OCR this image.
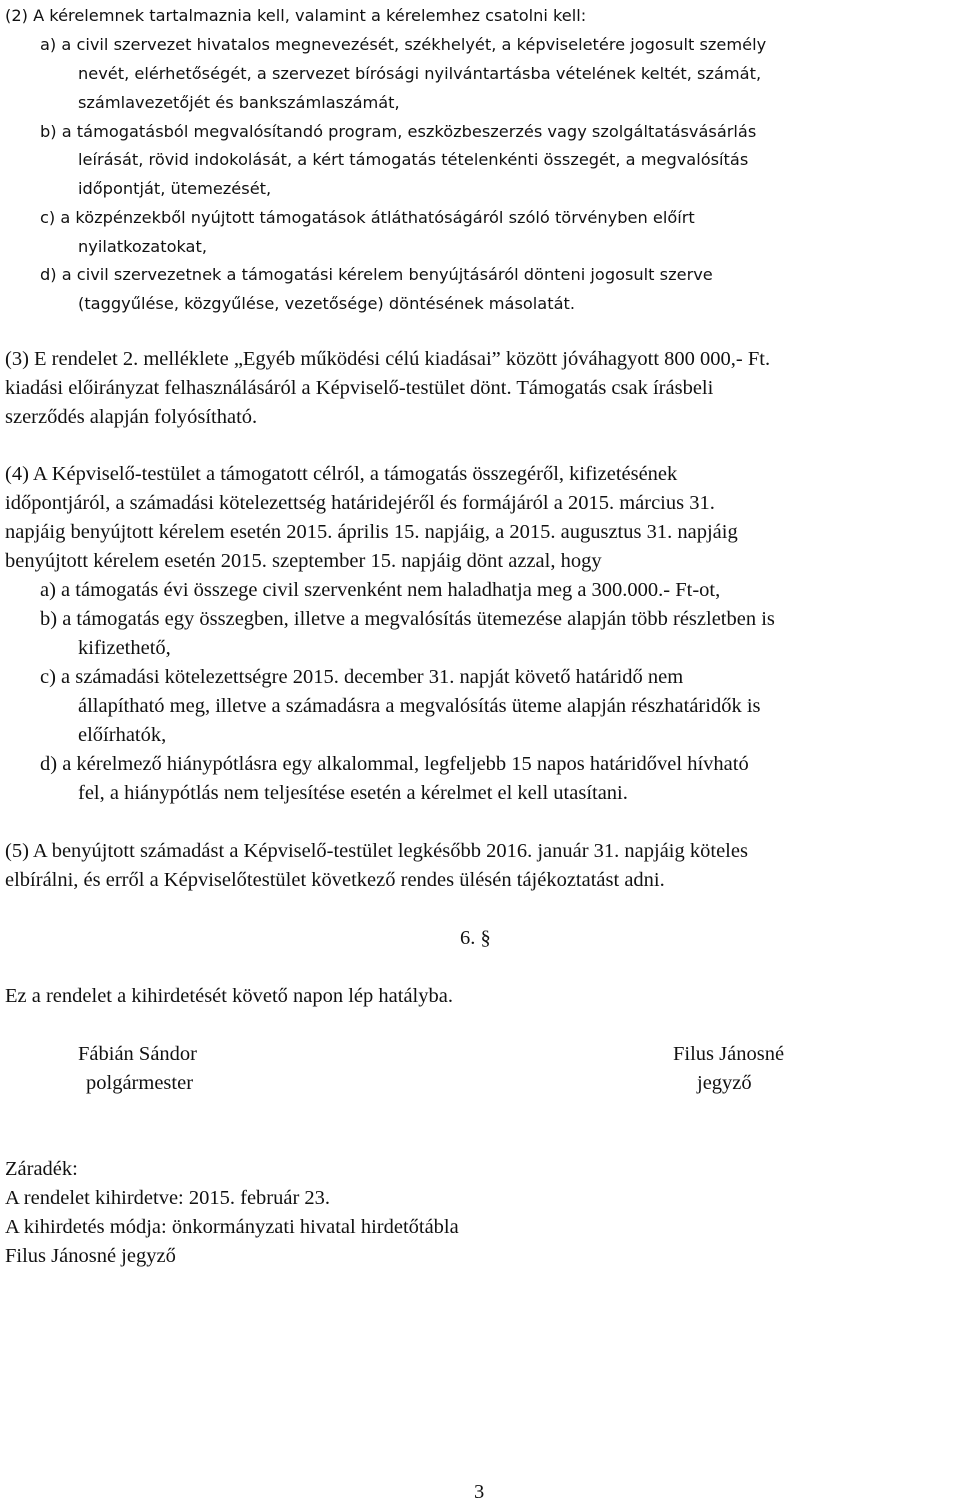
(2) A kérelemnek tartalmaznia kell, valamint a kérelemhez csatolni kell:
a) a civil szervezet hivatalos megnevezését, székhelyét, a képviseletére jogosult személy
nevét, elérhetőségét, a szervezet bírósági nyilvántartásba vételének keltét, számát,
számlavezetőjét és bankszámlaszámát,
b) a támogatásból megvalósítandó program, eszközbeszerzés vagy szolgáltatásvásárlás
leírását, rövid indokolását, a kért támogatás tételenkénti összegét, a megvalósítás
időpontját, ütemezését,
c) a közpénzekből nyújtott támogatások átláthatóságáról szóló törvényben előírt
nyilatkozatokat,
d) a civil szervezetnek a támogatási kérelem benyújtásáról dönteni jogosult szerve
(taggyűlése, közgyűlése, vezetősége) döntésének másolatát.
(3) E rendelet 2. melléklete „Egyéb működési célú kiadásai” között jóváhagyott 800 000,- Ft.
kiadási előirányzat felhasználásáról a Képviselő-testület dönt. Támogatás csak írásbeli
szerződés alapján folyósítható.
(4) A Képviselő-testület a támogatott célról, a támogatás összegéről, kifizetésének
időpontjáról, a számadási kötelezettség határidejéről és formájáról a 2015. március 31.
napjáig benyújtott kérelem esetén 2015. április 15. napjáig, a 2015. augusztus 31. napjáig
benyújtott kérelem esetén 2015. szeptember 15. napjáig dönt azzal, hogy
a) a támogatás évi összege civil szervenként nem haladhatja meg a 300.000.- Ft-ot,
b) a támogatás egy összegben, illetve a megvalósítás ütemezése alapján több részletben is
kifizethető,
c) a számadási kötelezettségre 2015. december 31. napját követő határidő nem
állapítható meg, illetve a számadásra a megvalósítás üteme alapján részhatáridők is
előírhatók,
d) a kérelmező hiánypótlásra egy alkalommal, legfeljebb 15 napos határidővel hívható
fel, a hiánypótlás nem teljesítése esetén a kérelmet el kell utasítani.
(5) A benyújtott számadást a Képviselő-testület legkésőbb 2016. január 31. napjáig köteles
elbírálni, és erről a Képviselőtestület következő rendes ülésén tájékoztatást adni.
6. §
Ez a rendelet a kihirdetését követő napon lép hatályba.
Fábián Sándor
polgármester
Filus Jánosné
jegyző
Záradék:
A rendelet kihirdetve: 2015. február 23.
A kihirdetés módja: önkormányzati hivatal hirdetőtábla
Filus Jánosné jegyző
3
